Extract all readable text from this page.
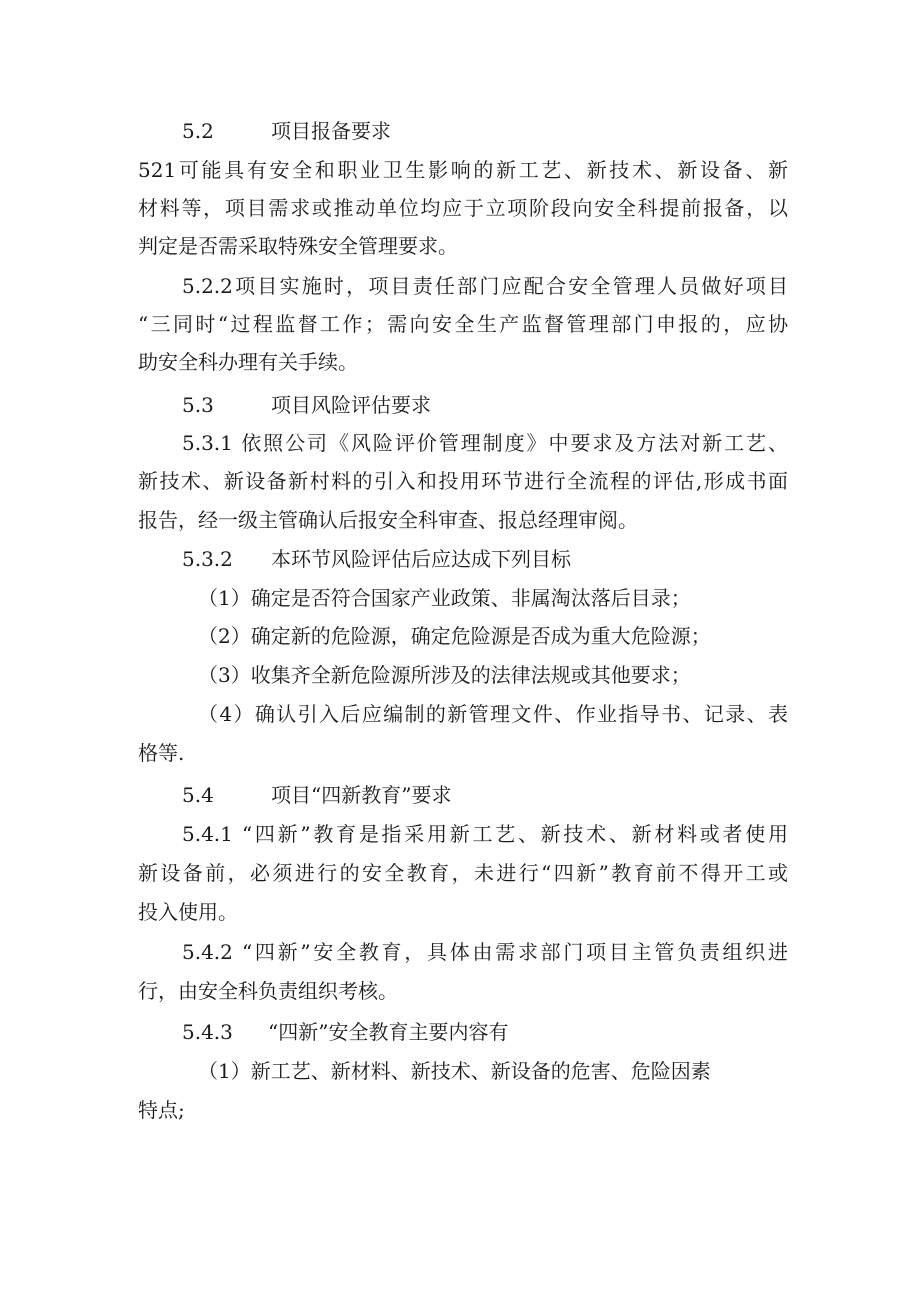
5.2	项目报备要求
521可能具有安全和职业卫生影响的新工艺、新技术、新设备、新
材料等，项目需求或推动单位均应于立项阶段向安全科提前报备，以
判定是否需采取特殊安全管理要求。
5.2.2项目实施时，项目责任部门应配合安全管理人员做好项目
“三同时“过程监督工作；需向安全生产监督管理部门申报的，应协
助安全科办理有关手续。
5.3	项目风险评估要求
5.3.1 依照公司《风险评价管理制度》中要求及方法对新工艺、
新技术、新设备新村料的引入和投用环节进行全流程的评估,形成书面
报告，经一级主管确认后报安全科审查、报总经理审阅。
5.3.2 本环节风险评估后应达成下列目标
（1）确定是否符合国家产业政策、非属淘汰落后目录；
（2）确定新的危险源，确定危险源是否成为重大危险源；
（3）收集齐全新危险源所涉及的法律法规或其他要求；
（4）确认引入后应编制的新管理文件、作业指导书、记录、表
格等.
5.4	项目“四新教育”要求
5.4.1 “四新”教育是指采用新工艺、新技术、新材料或者使用
新设备前，必须进行的安全教育，未进行“四新”教育前不得开工或
投入使用。
5.4.2 “四新”安全教育，具体由需求部门项目主管负责组织进
行，由安全科负责组织考核。
5.4.3 “四新”安全教育主要内容有
（1）新工艺、新材料、新技术、新设备的危害、危险因素
特点;
